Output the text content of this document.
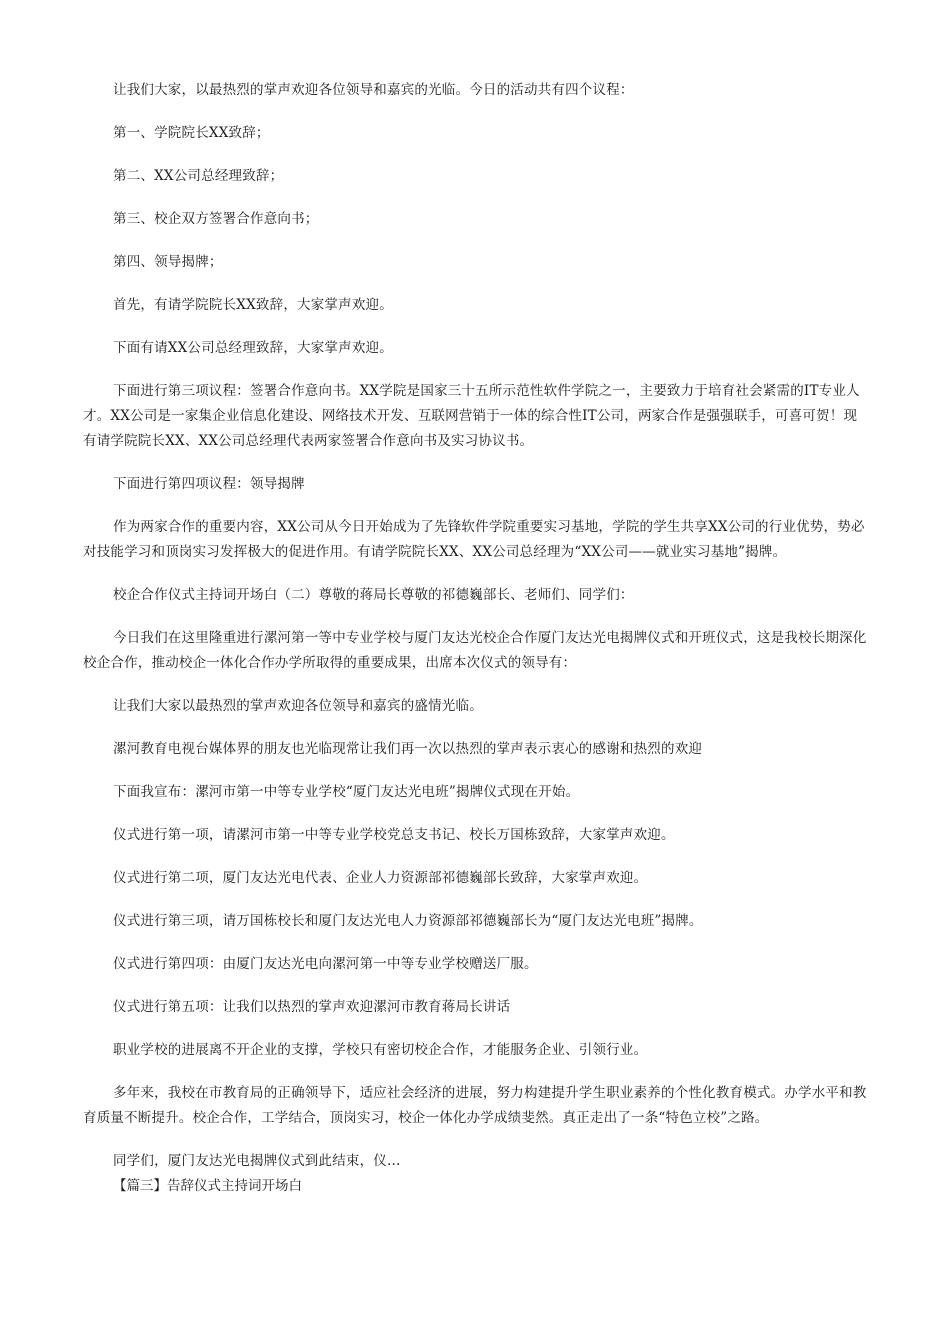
让我们大家，以最热烈的掌声欢迎各位领导和嘉宾的光临。今日的活动共有四个议程：

第一、学院院长XX致辞；

第二、XX公司总经理致辞；

第三、校企双方签署合作意向书；

第四、领导揭牌；

首先，有请学院院长XX致辞，大家掌声欢迎。

下面有请XX公司总经理致辞，大家掌声欢迎。

下面进行第三项议程：签署合作意向书。XX学院是国家三十五所示范性软件学院之一，主要致力于培育社会紧需的IT专业人才。XX公司是一家集企业信息化建设、网络技术开发、互联网营销于一体的综合性IT公司，两家合作是强强联手，可喜可贺！现有请学院院长XX、XX公司总经理代表两家签署合作意向书及实习协议书。

下面进行第四项议程：领导揭牌

作为两家合作的重要内容，XX公司从今日开始成为了先锋软件学院重要实习基地，学院的学生共享XX公司的行业优势，势必对技能学习和顶岗实习发挥极大的促进作用。有请学院院长XX、XX公司总经理为“XX公司——就业实习基地”揭牌。

校企合作仪式主持词开场白（二）尊敬的蒋局长尊敬的祁德巍部长、老师们、同学们：

今日我们在这里隆重进行漯河第一等中专业学校与厦门友达光校企合作厦门友达光电揭牌仪式和开班仪式，这是我校长期深化校企合作，推动校企一体化合作办学所取得的重要成果，出席本次仪式的领导有：

让我们大家以最热烈的掌声欢迎各位领导和嘉宾的盛情光临。

漯河教育电视台媒体界的朋友也光临现常让我们再一次以热烈的掌声表示衷心的感谢和热烈的欢迎

下面我宣布：漯河市第一中等专业学校“厦门友达光电班”揭牌仪式现在开始。

仪式进行第一项，请漯河市第一中等专业学校党总支书记、校长万国栋致辞，大家掌声欢迎。

仪式进行第二项，厦门友达光电代表、企业人力资源部祁德巍部长致辞，大家掌声欢迎。

仪式进行第三项，请万国栋校长和厦门友达光电人力资源部祁德巍部长为“厦门友达光电班”揭牌。

仪式进行第四项：由厦门友达光电向漯河第一中等专业学校赠送厂服。

仪式进行第五项：让我们以热烈的掌声欢迎漯河市教育蒋局长讲话

职业学校的进展离不开企业的支撑，学校只有密切校企合作，才能服务企业、引领行业。

多年来，我校在市教育局的正确领导下，适应社会经济的进展，努力构建提升学生职业素养的个性化教育模式。办学水平和教育质量不断提升。校企合作，工学结合，顶岗实习，校企一体化办学成绩斐然。真正走出了一条“特色立校”之路。

同学们，厦门友达光电揭牌仪式到此结束，仪...

【篇三】告辞仪式主持词开场白
